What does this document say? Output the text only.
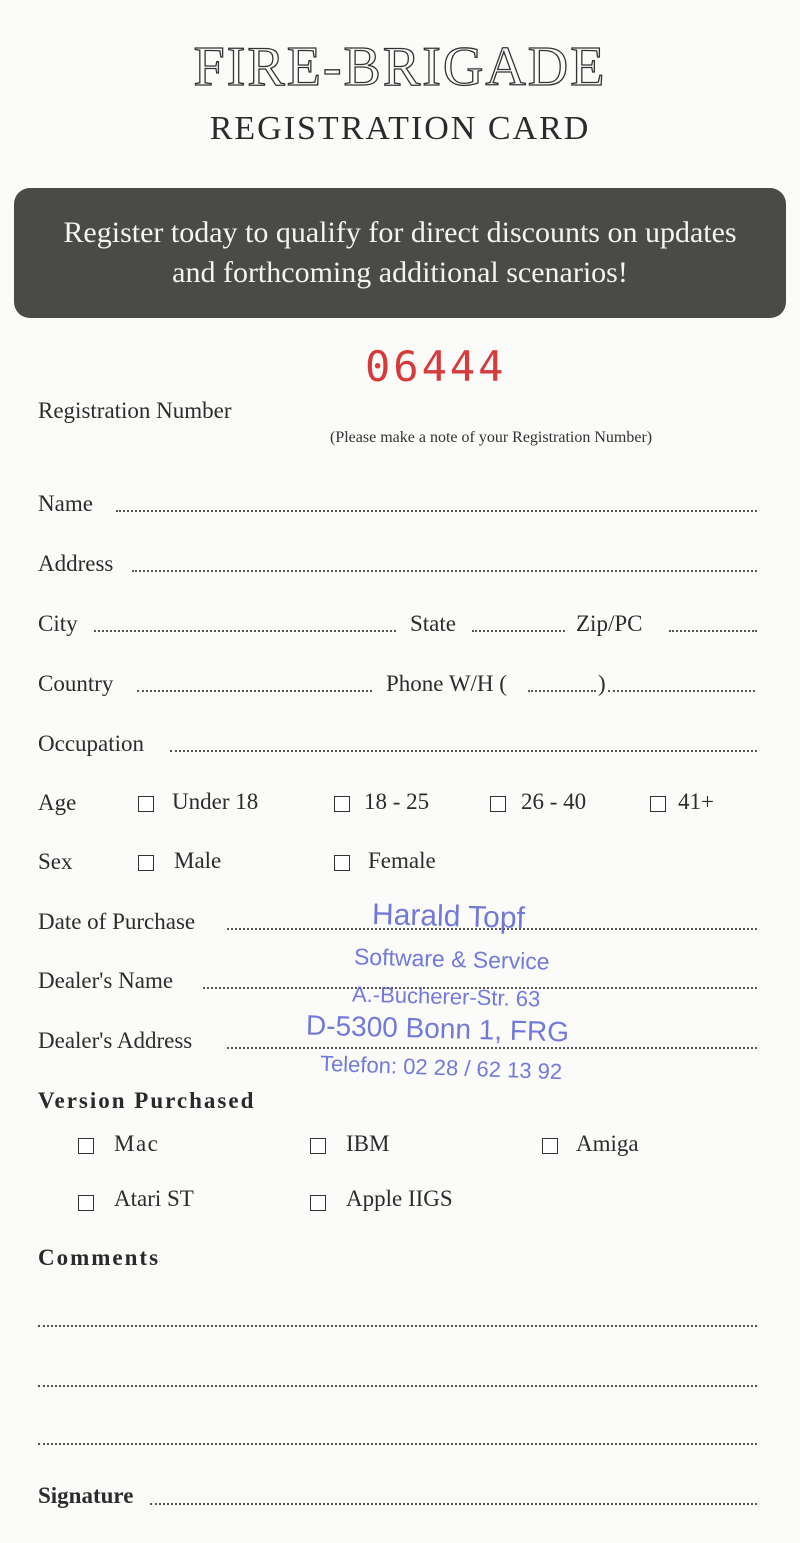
FIRE-BRIGADE
REGISTRATION CARD
Register today to qualify for direct discounts on updates
and forthcoming additional scenarios!
06444
Registration Number
(Please make a note of your Registration Number)
Name
Address
City	State	Zip/PC
Country	Phone W/H (	)
Occupation
Age	Under 18	18 - 25	26 - 40	41+
Sex	Male	Female
Date of Purchase
Dealer's Name
Dealer's Address
Harald Topf
Software & Service
A.-Bucherer-Str. 63
D-5300 Bonn 1, FRG
Telefon: 02 28 / 62 13 92
Version Purchased
Mac	IBM	Amiga
Atari ST	Apple IIGS
Comments
Signature
